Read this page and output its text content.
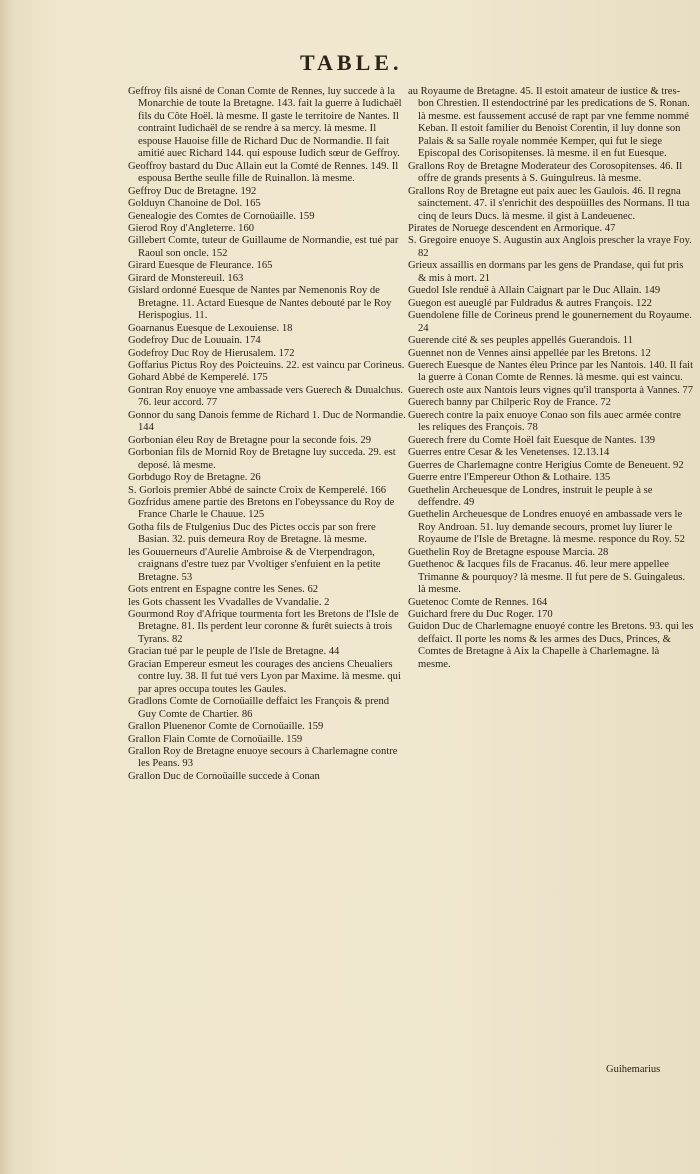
TABLE.

Geffroy fils aisné de Conan Comte de Rennes, luy succede à la Monarchie de toute la Bretagne. 143. fait la guerre à Iudichaël fils du Côte Hoël. là mesme. Il gaste le territoire de Nantes. Il contraint Iudichaël de se rendre à sa mercy. là mesme. Il espouse Hauoise fille de Richard Duc de Normandie. Il fait amitié auec Richard 144. qui espouse Iudich sœur de Geffroy.

Geoffroy bastard du Duc Allain eut la Comté de Rennes. 149. Il espousa Berthe seulle fille de Ruinallon. là mesme.

Geffroy Duc de Bretagne. 192

Golduyn Chanoine de Dol. 165

Genealogie des Comtes de Cornoüaille. 159

Gierod Roy d'Angleterre. 160

Gillebert Comte, tuteur de Guillaume de Normandie, est tué par Raoul son oncle. 152

Girard Euesque de Fleurance. 165

Girard de Monstereuil. 163

Gislard ordonné Euesque de Nantes par Nemenonis Roy de Bretagne. 11. Actard Euesque de Nantes debouté par le Roy Herispogius. 11.

Goarnanus Euesque de Lexouiense. 18

Godefroy Duc de Louuain. 174

Godefroy Duc Roy de Hierusalem. 172

Goffarius Pictus Roy des Poicteuins. 22. est vaincu par Corineus.

Gohard Abbé de Kemperelé. 175

Gontran Roy enuoye vne ambassade vers Guerech & Duualchus. 76. leur accord. 77

Gonnor du sang Danois femme de Richard 1. Duc de Normandie. 144

Gorbonian éleu Roy de Bretagne pour la seconde fois. 29

Gorbonian fils de Mornid Roy de Bretagne luy succeda. 29. est deposé. là mesme.

Gorbdugo Roy de Bretagne. 26

S. Gorlois premier Abbé de saincte Croix de Kemperelé. 166

Gozfridus amene partie des Bretons en l'obeyssance du Roy de France Charle le Chauue. 125

Gotha fils de Ftulgenius Duc des Pictes occis par son frere Basian. 32. puis demeura Roy de Bretagne. là mesme.

les Gouuerneurs d'Aurelie Ambroise & de Vterpendragon, craignans d'estre tuez par Vvoltiger s'enfuient en la petite Bretagne. 53

Gots entrent en Espagne contre les Senes. 62

les Gots chassent les Vvadalles de Vvandalie. 2

Gourmond Roy d'Afrique tourmenta fort les Bretons de l'Isle de Bretagne. 81. Ils perdent leur coronne & furêt suiects à trois Tyrans. 82

Gracian tué par le peuple de l'Isle de Bretagne. 44

Gracian Empereur esmeut les courages des anciens Cheualiers contre luy. 38. Il fut tué vers Lyon par Maxime. là mesme. qui par apres occupa toutes les Gaules.

Gradlons Comte de Cornoüaille deffaict les François & prend Guy Comte de Chartier. 86

Grallon Pluenenor Comte de Cornoüaille. 159

Grallon Flain Comte de Cornoüaille. 159

Grallon Roy de Bretagne enuoye secours à Charlemagne contre les Peans. 93

Grallon Duc de Cornoüaille succede à Conan

au Royaume de Bretagne. 45. Il estoit amateur de iustice & tres-bon Chrestien. Il estendoctriné par les predications de S. Ronan. là mesme. est faussement accusé de rapt par vne femme nommé Keban. Il estoit familier du Benoist Corentin, il luy donne son Palais & sa Salle royale nommée Kemper, qui fut le siege Episcopal des Corisopitenses. là mesme. il en fut Euesque.

Grallons Roy de Bretagne Moderateur des Corosopitenses. 46. Il offre de grands presents à S. Guingulreus. là mesme.

Grallons Roy de Bretagne eut paix auec les Gaulois. 46. Il regna sainctement. 47. il s'enrichit des despoüilles des Normans. Il tua cinq de leurs Ducs. là mesme. il gist à Landeuenec.

Pirates de Noruege descendent en Armorique. 47

S. Gregoire enuoye S. Augustin aux Anglois prescher la vraye Foy. 82

Grieux assaillis en dormans par les gens de Prandase, qui fut pris & mis à mort. 21

Guedol Isle renduë à Allain Caignart par le Duc Allain. 149

Guegon est aueuglé par Fuldradus & autres François. 122

Guendolene fille de Corineus prend le gounernement du Royaume. 24

Guerende cité & ses peuples appellés Guerandois. 11

Guennet non de Vennes ainsi appellée par les Bretons. 12

Guerech Euesque de Nantes éleu Prince par les Nantois. 140. Il fait la guerre à Conan Comte de Rennes. là mesme. qui est vaincu.

Guerech oste aux Nantois leurs vignes qu'il transporta à Vannes. 77

Guerech banny par Chilperic Roy de France. 72

Guerech contre la paix enuoye Conao son fils auec armée contre les reliques des François. 78

Guerech frere du Comte Hoël fait Euesque de Nantes. 139

Guerres entre Cesar & les Venetenses. 12.13.14

Guerres de Charlemagne contre Herigius Comte de Beneuent. 92

Guerre entre l'Empereur Othon & Lothaire. 135

Guethelin Archeuesque de Londres, instruit le peuple à se deffendre. 49

Guethelin Archeuesque de Londres enuoyé en ambassade vers le Roy Androan. 51. luy demande secours, promet luy liurer le Royaume de l'Isle de Bretagne. là mesme. responce du Roy. 52

Guethelin Roy de Bretagne espouse Marcia. 28

Guethenoc & Iacques fils de Fracanus. 46. leur mere appellee Trimanne & pourquoy? là mesme. Il fut pere de S. Guingaleus. là mesme.

Guetenoc Comte de Rennes. 164

Guichard frere du Duc Roger. 170

Guidon Duc de Charlemagne enuoyé contre les Bretons. 93. qui les deffaict. Il porte les noms & les armes des Ducs, Princes, & Comtes de Bretagne à Aix la Chapelle à Charlemagne. là mesme.

Guihemarius
